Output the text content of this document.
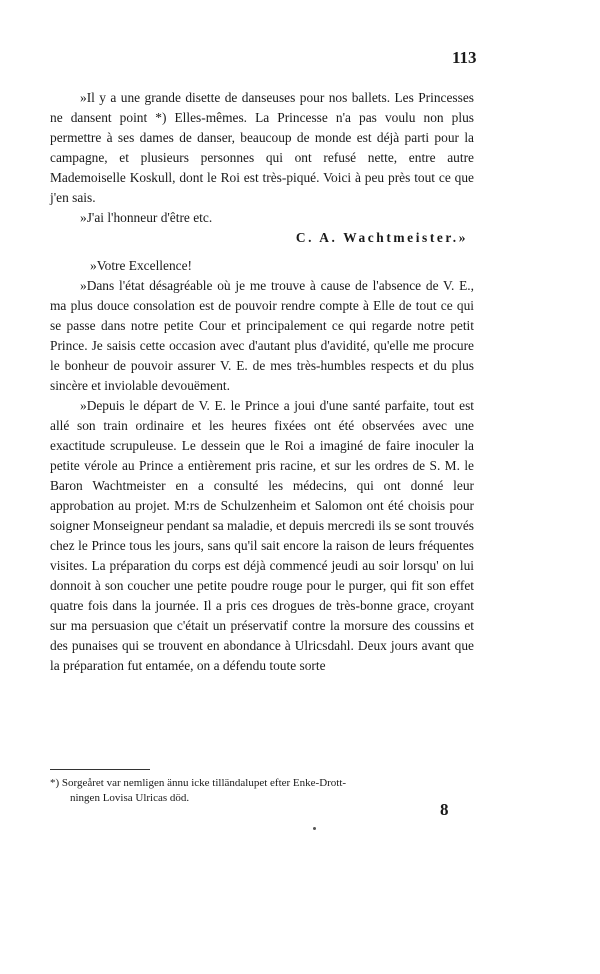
113

»Il y a une grande disette de danseuses pour nos ballets. Les Princesses ne dansent point *) Elles-mêmes. La Princesse n'a pas voulu non plus permettre à ses dames de danser, beaucoup de monde est déjà parti pour la campagne, et plusieurs personnes qui ont refusé nette, entre autre Mademoiselle Koskull, dont le Roi est très-piqué. Voici à peu près tout ce que j'en sais.

»J'ai l'honneur d'être etc.

C. A. Wachtmeister.»

»Votre Excellence!

»Dans l'état désagréable où je me trouve à cause de l'absence de V. E., ma plus douce consolation est de pouvoir rendre compte à Elle de tout ce qui se passe dans notre petite Cour et principalement ce qui regarde notre petit Prince. Je saisis cette occasion avec d'autant plus d'avidité, qu'elle me procure le bonheur de pouvoir assurer V. E. de mes très-humbles respects et du plus sincère et inviolable devouëment.

»Depuis le départ de V. E. le Prince a joui d'une santé parfaite, tout est allé son train ordinaire et les heures fixées ont été observées avec une exactitude scrupuleuse. Le dessein que le Roi a imaginé de faire inoculer la petite vérole au Prince a entièrement pris racine, et sur les ordres de S. M. le Baron Wachtmeister en a consulté les médecins, qui ont donné leur approbation au projet. M:rs de Schulzenheim et Salomon ont été choisis pour soigner Monseigneur pendant sa maladie, et depuis mercredi ils se sont trouvés chez le Prince tous les jours, sans qu'il sait encore la raison de leurs fréquentes visites. La préparation du corps est déjà commencé jeudi au soir lorsqu' on lui donnoit à son coucher une petite poudre rouge pour le purger, qui fit son effet quatre fois dans la journée. Il a pris ces drogues de très-bonne grace, croyant sur ma persuasion que c'était un préservatif contre la morsure des coussins et des punaises qui se trouvent en abondance à Ulricsdahl. Deux jours avant que la préparation fut entamée, on a défendu toute sorte

*) Sorgeåret var nemligen ännu icke tilländalupet efter Enke-Drott-
ningen Lovisa Ulricas död.
8
